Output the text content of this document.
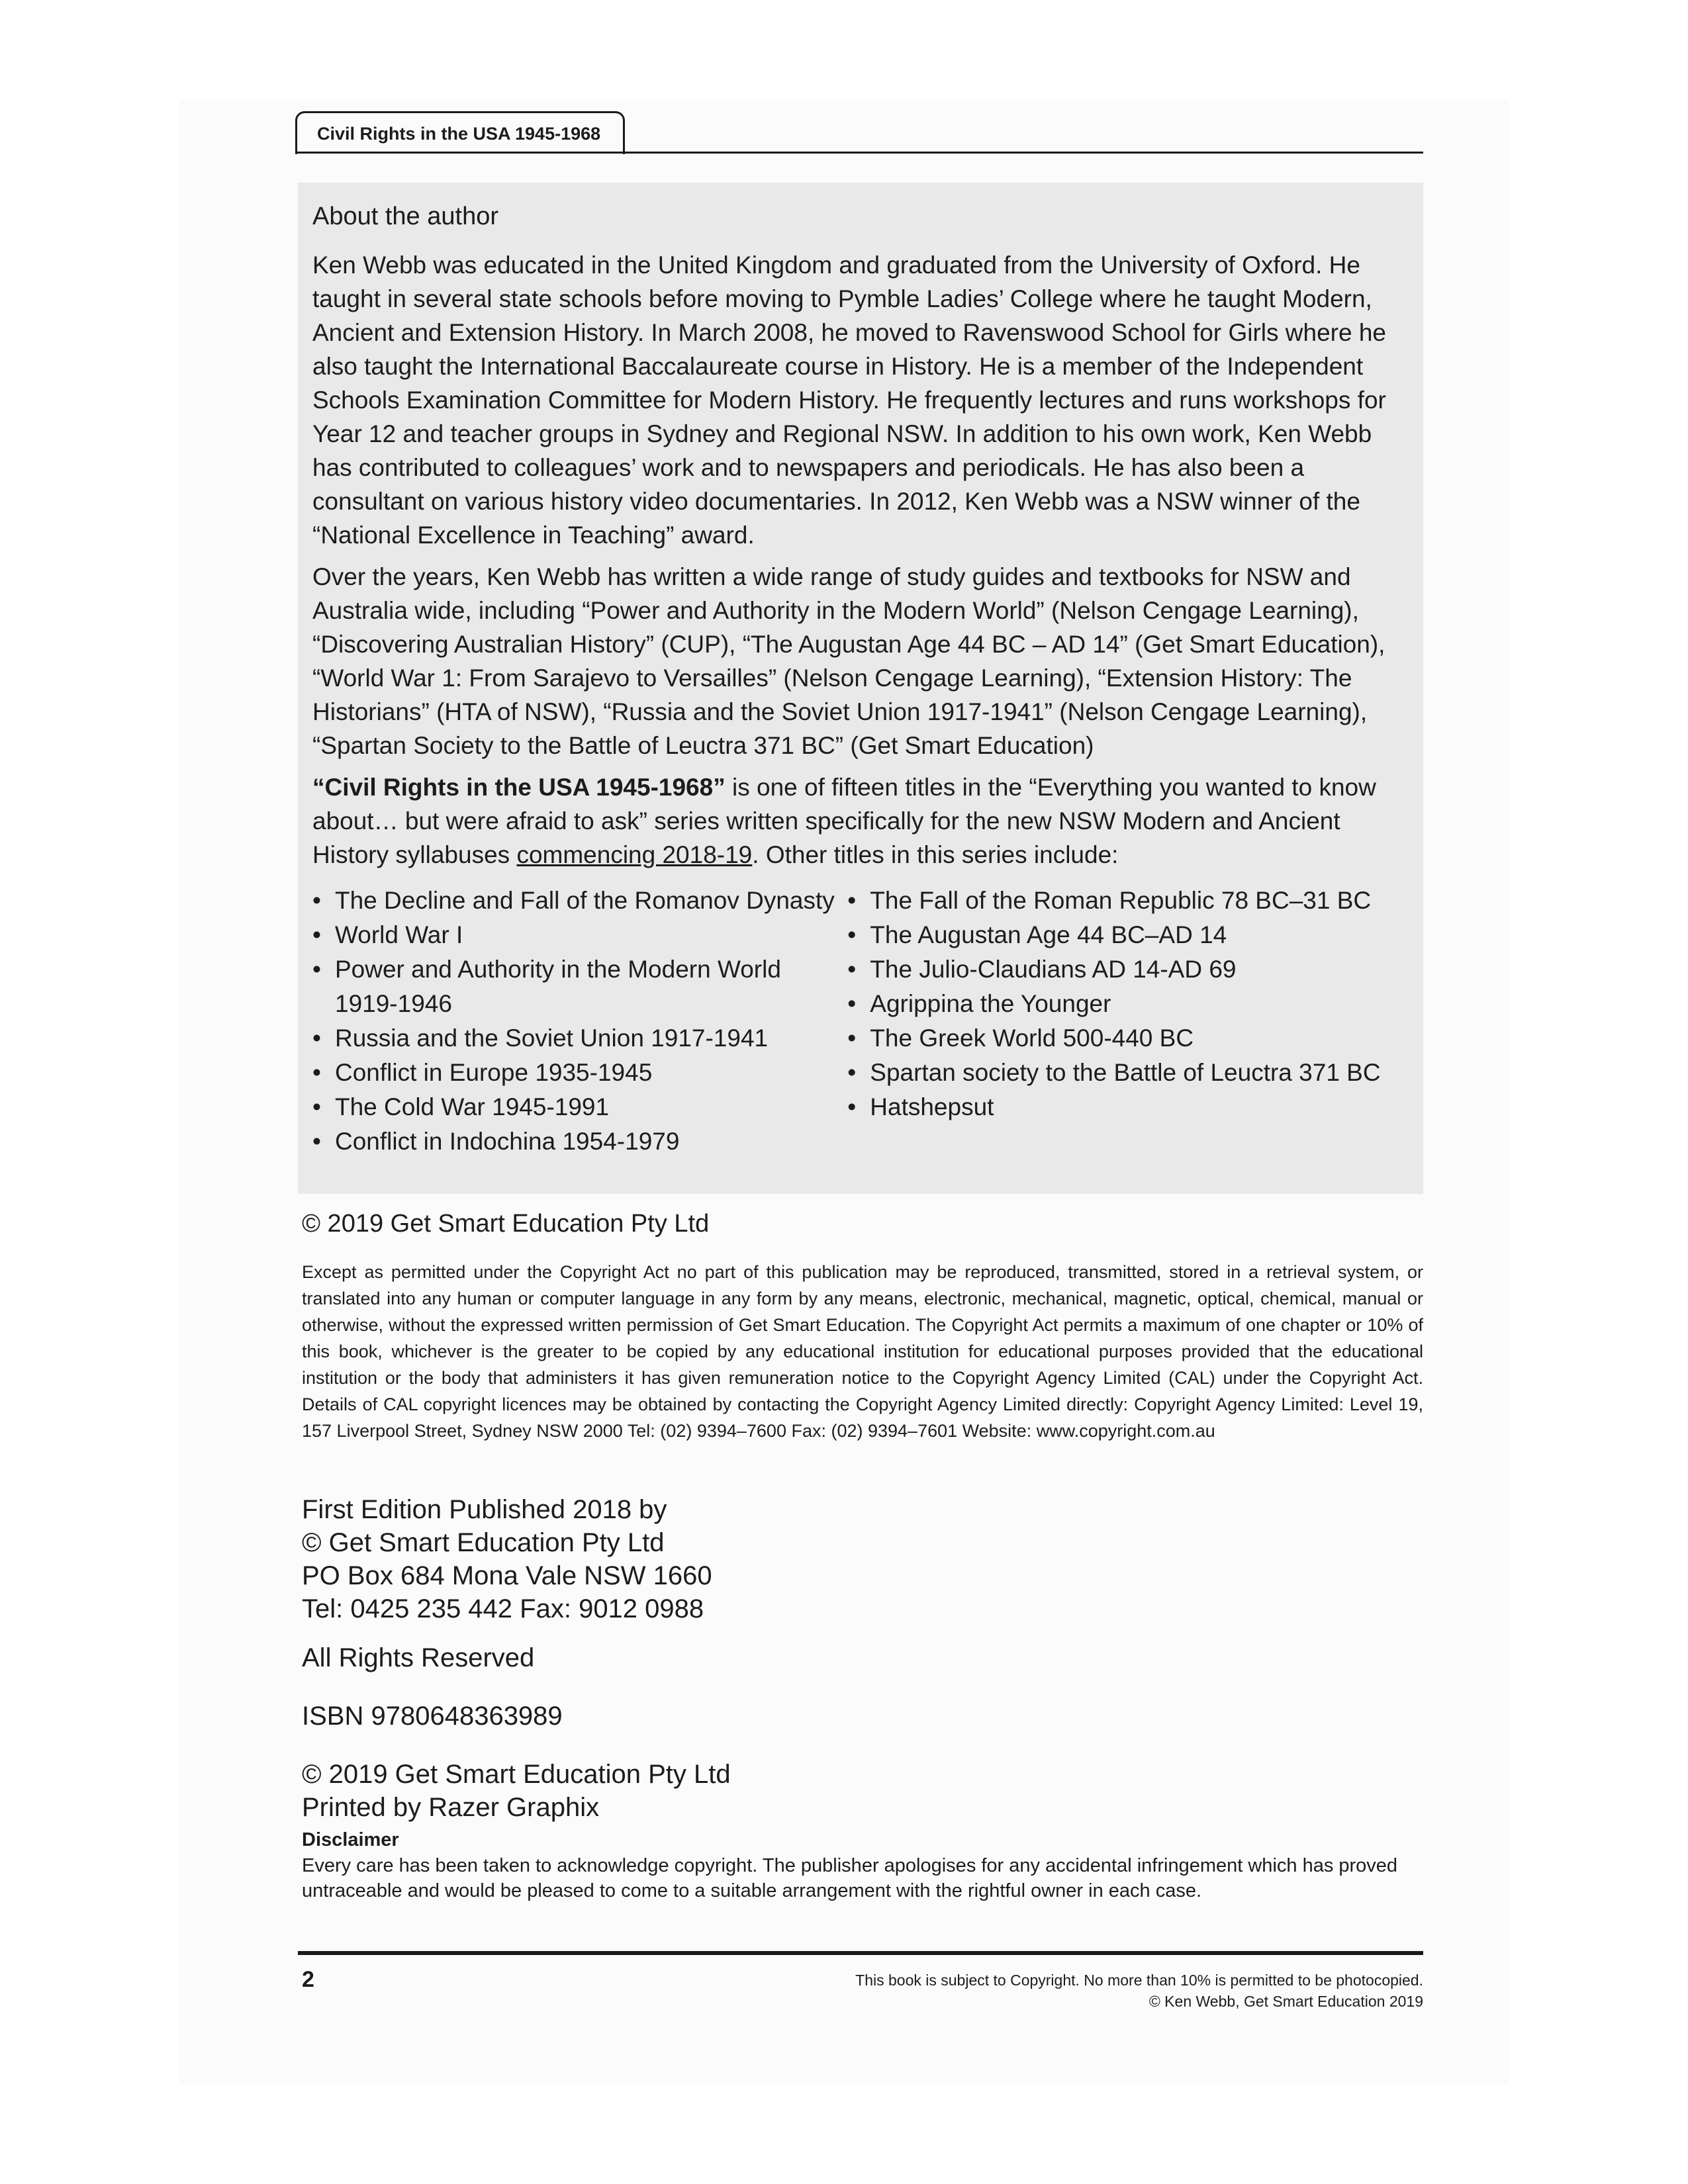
Civil Rights in the USA 1945-1968
About the author

Ken Webb was educated in the United Kingdom and graduated from the University of Oxford. He taught in several state schools before moving to Pymble Ladies’ College where he taught Modern, Ancient and Extension History. In March 2008, he moved to Ravenswood School for Girls where he also taught the International Baccalaureate course in History. He is a member of the Independent Schools Examination Committee for Modern History. He frequently lectures and runs workshops for Year 12 and teacher groups in Sydney and Regional NSW. In addition to his own work, Ken Webb has contributed to colleagues’ work and to newspapers and periodicals. He has also been a consultant on various history video documentaries. In 2012, Ken Webb was a NSW winner of the “National Excellence in Teaching” award.

Over the years, Ken Webb has written a wide range of study guides and textbooks for NSW and Australia wide, including “Power and Authority in the Modern World” (Nelson Cengage Learning), “Discovering Australian History” (CUP), “The Augustan Age 44 BC – AD 14” (Get Smart Education), “World War 1: From Sarajevo to Versailles” (Nelson Cengage Learning), “Extension History: The Historians” (HTA of NSW), “Russia and the Soviet Union 1917-1941” (Nelson Cengage Learning), “Spartan Society to the Battle of Leuctra 371 BC” (Get Smart Education)

“Civil Rights in the USA 1945-1968” is one of fifteen titles in the “Everything you wanted to know about… but were afraid to ask” series written specifically for the new NSW Modern and Ancient History syllabuses commencing 2018-19. Other titles in this series include:

• The Decline and Fall of the Romanov Dynasty
• World War I
• Power and Authority in the Modern World 1919-1946
• Russia and the Soviet Union 1917-1941
• Conflict in Europe 1935-1945
• The Cold War 1945-1991
• Conflict in Indochina 1954-1979
• The Fall of the Roman Republic 78 BC–31 BC
• The Augustan Age 44 BC–AD 14
• The Julio-Claudians AD 14-AD 69
• Agrippina the Younger
• The Greek World 500-440 BC
• Spartan society to the Battle of Leuctra 371 BC
• Hatshepsut
© 2019 Get Smart Education Pty Ltd

Except as permitted under the Copyright Act no part of this publication may be reproduced, transmitted, stored in a retrieval system, or translated into any human or computer language in any form by any means, electronic, mechanical, magnetic, optical, chemical, manual or otherwise, without the expressed written permission of Get Smart Education. The Copyright Act permits a maximum of one chapter or 10% of this book, whichever is the greater to be copied by any educational institution for educational purposes provided that the educational institution or the body that administers it has given remuneration notice to the Copyright Agency Limited (CAL) under the Copyright Act. Details of CAL copyright licences may be obtained by contacting the Copyright Agency Limited directly: Copyright Agency Limited: Level 19, 157 Liverpool Street, Sydney NSW 2000 Tel: (02) 9394–7600 Fax: (02) 9394–7601 Website: www.copyright.com.au

First Edition Published 2018 by
© Get Smart Education Pty Ltd
PO Box 684 Mona Vale NSW 1660
Tel: 0425 235 442 Fax: 9012 0988
All Rights Reserved
ISBN 9780648363989
© 2019 Get Smart Education Pty Ltd
Printed by Razer Graphix
Disclaimer

Every care has been taken to acknowledge copyright. The publisher apologises for any accidental infringement which has proved untraceable and would be pleased to come to a suitable arrangement with the rightful owner in each case.

2	This book is subject to Copyright. No more than 10% is permitted to be photocopied.
© Ken Webb, Get Smart Education 2019
